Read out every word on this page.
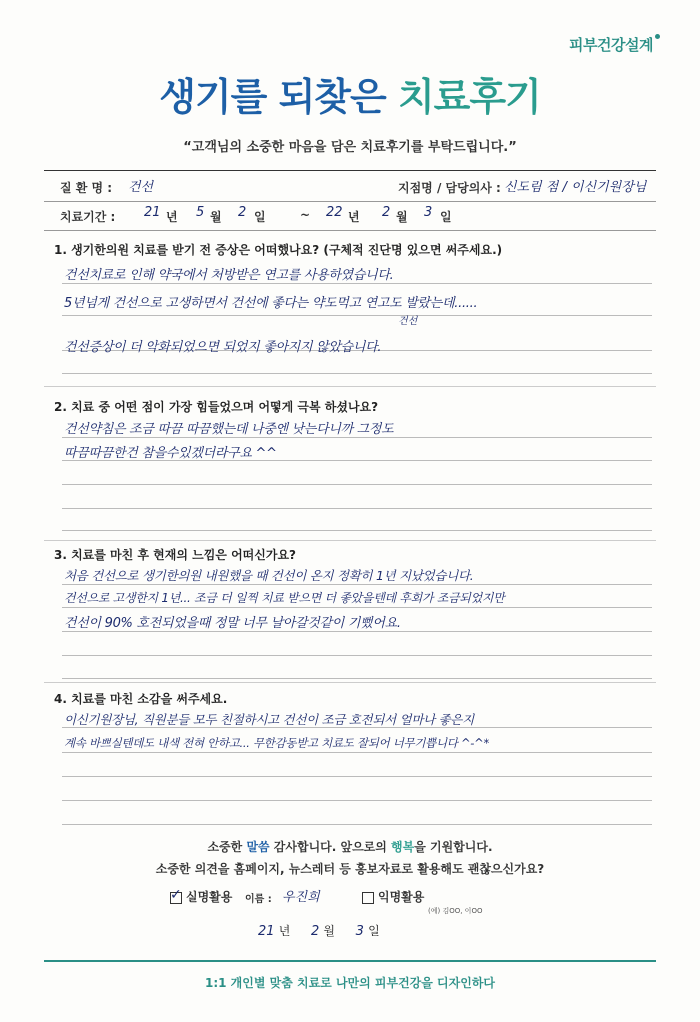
피부건강설계
생기를 되찾은 치료후기
“고객님의 소중한 마음을 담은 치료후기를 부탁드립니다.”
질 환 명 : 건선	지점명 / 담당의사 : 신도림 점 / 이신기원장님
치료기간 : 21 년 5 월 2 일	~ 22 년 2 월 3 일
1. 생기한의원 치료를 받기 전 증상은 어떠했나요? (구체적 진단명 있으면 써주세요.)
건선치료로 인해 약국에서 처방받은 연고를 사용하였습니다.
5년넘게 건선으로 고생하면서 건선에 좋다는 약도먹고 연고도 발랐는데......
건선
건선증상이 더 악화되었으면 되었지 좋아지지 않았습니다.
2. 치료 중 어떤 점이 가장 힘들었으며 어떻게 극복 하셨나요?
건선약침은 조금 따끔 따끔했는데 나중엔 낫는다니까 그정도
따끔따끔한건 참을수있겠더라구요 ^^
3. 치료를 마친 후 현재의 느낌은 어떠신가요?
처음 건선으로 생기한의원 내원했을 때 건선이 온지 정확히 1년 지났었습니다.
건선으로 고생한지 1년... 조금 더 일찍 치료 받으면 더 좋았을텐데 후회가 조금되었지만
건선이 90% 호전되었을때 정말 너무 날아갈것같이 기뻤어요.
4. 치료를 마친 소감을 써주세요.
이신기원장님, 직원분들 모두 친절하시고 건선이 조금 호전되서 얼마나 좋은지
계속 바쁘실텐데도 내색 전혀 안하고... 무한감동받고 치료도 잘되어 너무기쁩니다 ^-^*
소중한 말씀 감사합니다. 앞으로의 행복을 기원합니다.
소중한 의견을 홈페이지, 뉴스레터 등 홍보자료로 활용해도 괜찮으신가요?
✓ 실명활용 이름 : 우진희	익명활용
(예) 김OO, 이OO
21 년 2 월 3 일
1:1 개인별 맞춤 치료로 나만의 피부건강을 디자인하다
